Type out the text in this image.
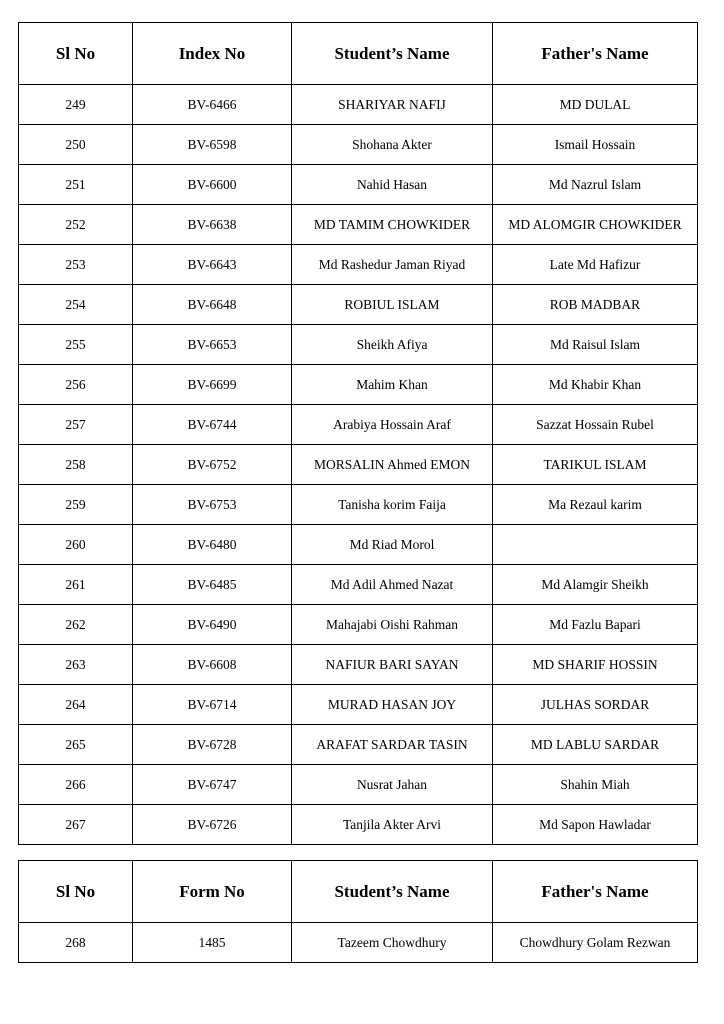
Sl No	Index No	Student’s Name	Father's Name
249	BV-6466	SHARIYAR NAFIJ	MD DULAL
250	BV-6598	Shohana Akter	Ismail Hossain
251	BV-6600	Nahid Hasan	Md Nazrul Islam
252	BV-6638	MD TAMIM CHOWKIDER	MD ALOMGIR CHOWKIDER
253	BV-6643	Md Rashedur Jaman Riyad	Late Md Hafizur
254	BV-6648	ROBIUL ISLAM	ROB MADBAR
255	BV-6653	Sheikh Afiya	Md Raisul Islam
256	BV-6699	Mahim Khan	Md Khabir Khan
257	BV-6744	Arabiya Hossain Araf	Sazzat Hossain Rubel
258	BV-6752	MORSALIN Ahmed EMON	TARIKUL ISLAM
259	BV-6753	Tanisha korim Faija	Ma Rezaul karim
260	BV-6480	Md Riad Morol	
261	BV-6485	Md Adil Ahmed Nazat	Md Alamgir Sheikh
262	BV-6490	Mahajabi Oishi Rahman	Md Fazlu Bapari
263	BV-6608	NAFIUR BARI SAYAN	MD SHARIF HOSSIN
264	BV-6714	MURAD HASAN JOY	JULHAS SORDAR
265	BV-6728	ARAFAT SARDAR TASIN	MD LABLU SARDAR
266	BV-6747	Nusrat Jahan	Shahin Miah
267	BV-6726	Tanjila Akter Arvi	Md Sapon Hawladar
Sl No	Form No	Student’s Name	Father's Name
268	1485	Tazeem Chowdhury	Chowdhury Golam Rezwan
